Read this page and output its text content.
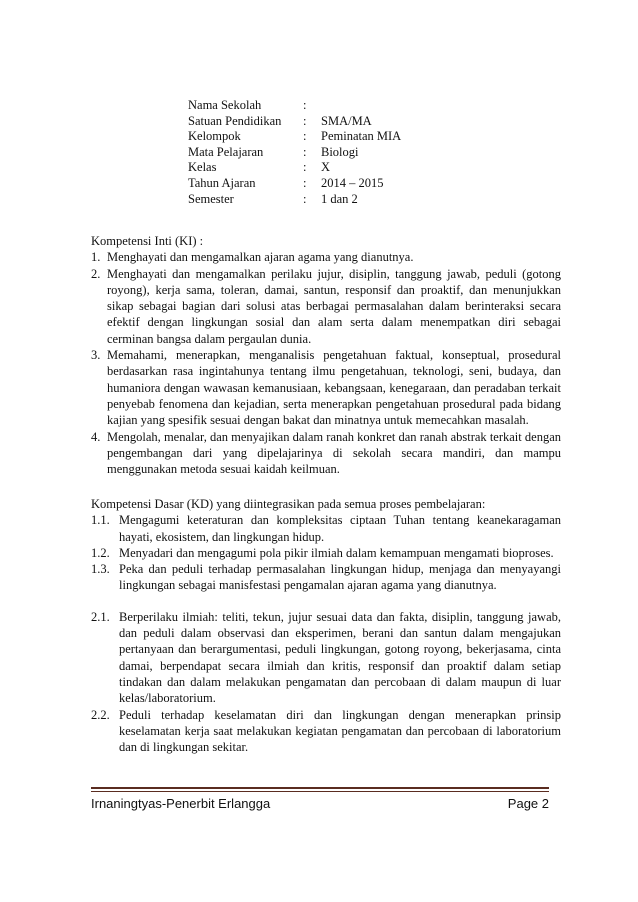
Nama Sekolah	:
Satuan Pendidikan	:	SMA/MA
Kelompok	:	Peminatan MIA
Mata Pelajaran	:	Biologi
Kelas	:	X
Tahun Ajaran	:	2014 – 2015
Semester	:	1 dan 2

Kompetensi Inti (KI) :

1. Menghayati dan mengamalkan ajaran agama yang dianutnya.
2. Menghayati dan mengamalkan perilaku jujur, disiplin, tanggung jawab, peduli (gotong royong), kerja sama, toleran, damai, santun, responsif dan proaktif, dan menunjukkan sikap sebagai bagian dari solusi atas berbagai permasalahan dalam berinteraksi secara efektif dengan lingkungan sosial dan alam serta dalam menempatkan diri sebagai cerminan bangsa dalam pergaulan dunia.
3. Memahami, menerapkan, menganalisis pengetahuan faktual, konseptual, prosedural berdasarkan rasa ingintahunya tentang ilmu pengetahuan, teknologi, seni, budaya, dan humaniora dengan wawasan kemanusiaan, kebangsaan, kenegaraan, dan peradaban terkait penyebab fenomena dan kejadian, serta menerapkan pengetahuan prosedural pada bidang kajian yang spesifik sesuai dengan bakat dan minatnya untuk memecahkan masalah.
4. Mengolah, menalar, dan menyajikan dalam ranah konkret dan ranah abstrak terkait dengan pengembangan dari yang dipelajarinya di sekolah secara mandiri, dan mampu menggunakan metoda sesuai kaidah keilmuan.

Kompetensi Dasar (KD) yang diintegrasikan pada semua proses pembelajaran:

1.1. Mengagumi keteraturan dan kompleksitas ciptaan Tuhan tentang keanekaragaman hayati, ekosistem, dan lingkungan hidup.
1.2. Menyadari dan mengagumi pola pikir ilmiah dalam kemampuan mengamati bioproses.
1.3. Peka dan peduli terhadap permasalahan lingkungan hidup, menjaga dan menyayangi lingkungan sebagai manisfestasi pengamalan ajaran agama yang dianutnya.
2.1. Berperilaku ilmiah: teliti, tekun, jujur sesuai data dan fakta, disiplin, tanggung jawab, dan peduli dalam observasi dan eksperimen, berani dan santun dalam mengajukan pertanyaan dan berargumentasi, peduli lingkungan, gotong royong, bekerjasama, cinta damai, berpendapat secara ilmiah dan kritis, responsif dan proaktif dalam setiap tindakan dan dalam melakukan pengamatan dan percobaan di dalam maupun di luar kelas/laboratorium.
2.2. Peduli terhadap keselamatan diri dan lingkungan dengan menerapkan prinsip keselamatan kerja saat melakukan kegiatan pengamatan dan percobaan di laboratorium dan di lingkungan sekitar.
Irnaningtyas-Penerbit Erlangga	Page 2
